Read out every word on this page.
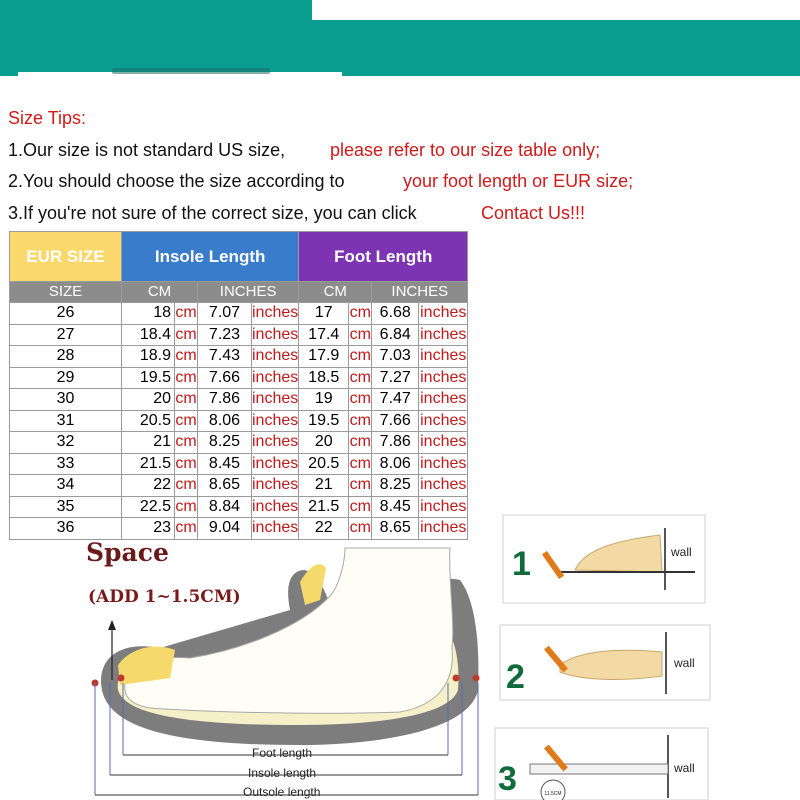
Size Tips:
1.Our size is not standard US size, please refer to our size table only;
2.You should choose the size according to	your foot length or EUR size;
3.If you're not sure of the correct size, you can click	Contact Us!!!
EUR SIZE	Insole Length				Foot Length			
SIZE	CM		INCHES		CM		INCHES	
26	18	cm	7.07	inches	17	cm	6.68	inches
27	18.4	cm	7.23	inches	17.4	cm	6.84	inches
28	18.9	cm	7.43	inches	17.9	cm	7.03	inches
29	19.5	cm	7.66	inches	18.5	cm	7.27	inches
30	20	cm	7.86	inches	19	cm	7.47	inches
31	20.5	cm	8.06	inches	19.5	cm	7.66	inches
32	21	cm	8.25	inches	20	cm	7.86	inches
33	21.5	cm	8.45	inches	20.5	cm	8.06	inches
34	22	cm	8.65	inches	21	cm	8.25	inches
35	22.5	cm	8.84	inches	21.5	cm	8.45	inches
36	23	cm	9.04	inches	22	cm	8.65	inches
Space
(ADD 1~1.5CM)
1	wall
2	wall
11.5CM
3	wall
Foot length
Insole length
Outsole length
